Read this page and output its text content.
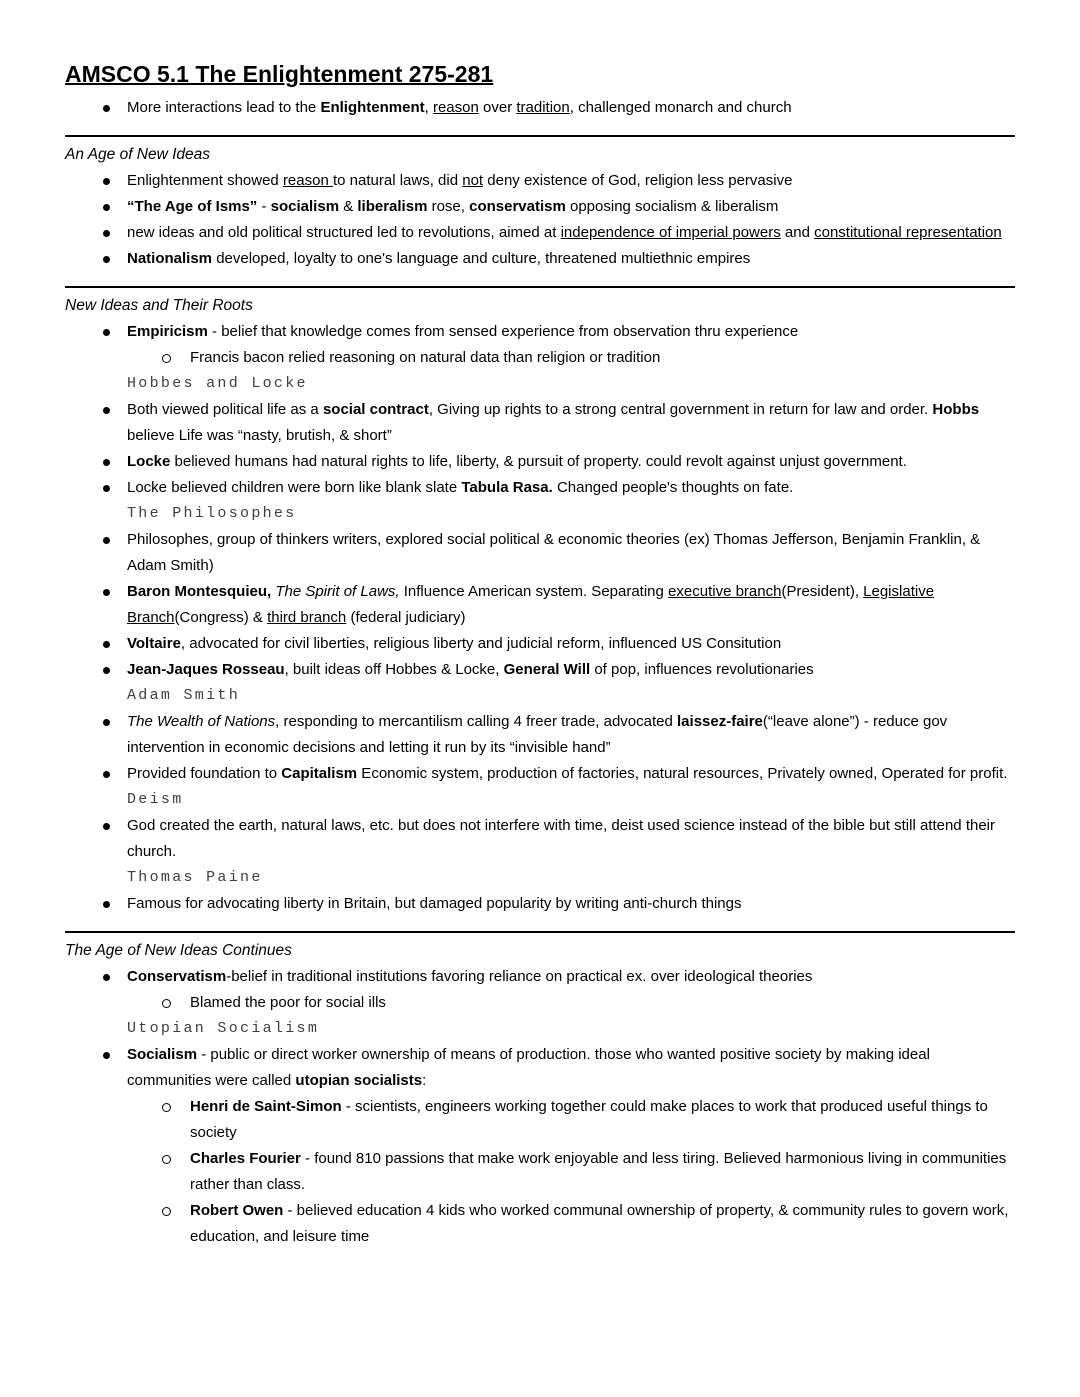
AMSCO 5.1 The Enlightenment 275-281
More interactions lead to the Enlightenment, reason over tradition, challenged monarch and church
An Age of New Ideas
Enlightenment showed reason to natural laws, did not deny existence of God, religion less pervasive
“The Age of Isms” - socialism & liberalism rose, conservatism opposing socialism & liberalism
new ideas and old political structured led to revolutions, aimed at independence of imperial powers and constitutional representation
Nationalism developed, loyalty to one's language and culture, threatened multiethnic empires
New Ideas and Their Roots
Empiricism - belief that knowledge comes from sensed experience from observation thru experience
Francis bacon relied reasoning on natural data than religion or tradition
Hobbes and Locke
Both viewed political life as a social contract, Giving up rights to a strong central government in return for law and order. Hobbs believe Life was “nasty, brutish, & short”
Locke believed humans had natural rights to life, liberty, & pursuit of property. could revolt against unjust government.
Locke believed children were born like blank slate Tabula Rasa. Changed people's thoughts on fate.
The Philosophes
Philosophes, group of thinkers writers, explored social political & economic theories (ex) Thomas Jefferson, Benjamin Franklin, & Adam Smith)
Baron Montesquieu, The Spirit of Laws, Influence American system. Separating executive branch(President), Legislative Branch(Congress) & third branch (federal judiciary)
Voltaire, advocated for civil liberties, religious liberty and judicial reform, influenced US Consitution
Jean-Jaques Rosseau, built ideas off Hobbes & Locke, General Will of pop, influences revolutionaries
Adam Smith
The Wealth of Nations, responding to mercantilism calling 4 freer trade, advocated laissez-faire(“leave alone”) - reduce gov intervention in economic decisions and letting it run by its “invisible hand”
Provided foundation to Capitalism Economic system, production of factories, natural resources, Privately owned, Operated for profit.
Deism
God created the earth, natural laws, etc. but does not interfere with time, deist used science instead of the bible but still attend their church.
Thomas Paine
Famous for advocating liberty in Britain, but damaged popularity by writing anti-church things
The Age of New Ideas Continues
Conservatism-belief in traditional institutions favoring reliance on practical ex. over ideological theories
Blamed the poor for social ills
Utopian Socialism
Socialism - public or direct worker ownership of means of production. those who wanted positive society by making ideal communities were called utopian socialists:
Henri de Saint-Simon - scientists, engineers working together could make places to work that produced useful things to society
Charles Fourier - found 810 passions that make work enjoyable and less tiring. Believed harmonious living in communities rather than class.
Robert Owen - believed education 4 kids who worked communal ownership of property, & community rules to govern work, education, and leisure time
